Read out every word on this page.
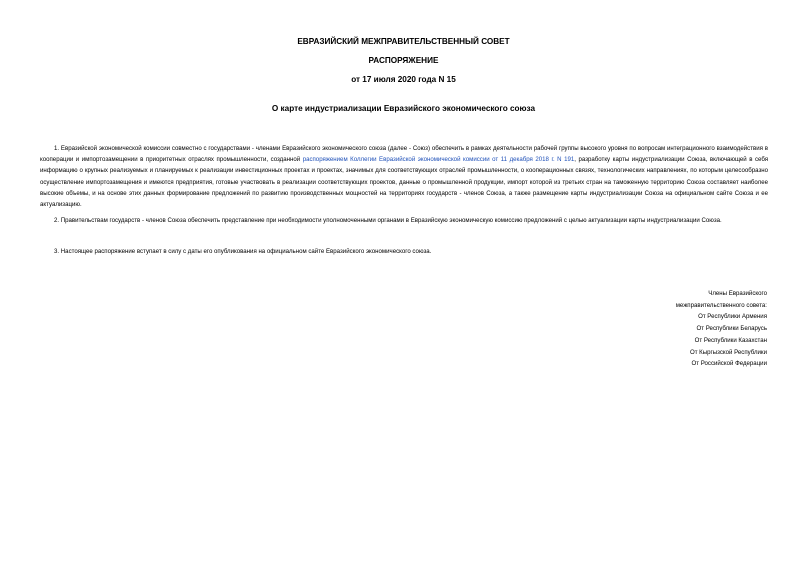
ЕВРАЗИЙСКИЙ МЕЖПРАВИТЕЛЬСТВЕННЫЙ СОВЕТ
РАСПОРЯЖЕНИЕ
от 17 июля 2020 года N 15
О карте индустриализации Евразийского экономического союза

1. Евразийской экономической комиссии совместно с государствами - членами Евразийского экономического союза (далее - Союз) обеспечить в рамках деятельности рабочей группы высокого уровня по вопросам интеграционного взаимодействия в кооперации и импортозамещении в приоритетных отраслях промышленности, созданной распоряжением Коллегии Евразийской экономической комиссии от 11 декабря 2018 г. N 191, разработку карты индустриализации Союза, включающей в себя информацию о крупных реализуемых и планируемых к реализации инвестиционных проектах и проектах, значимых для соответствующих отраслей промышленности, о кооперационных связях, технологических направлениях, по которым целесообразно осуществление импортозамещения и имеются предприятия, готовые участвовать в реализации соответствующих проектов, данные о промышленной продукции, импорт которой из третьих стран на таможенную территорию Союза составляет наиболее высокие объемы, и на основе этих данных формирование предложений по развитию производственных мощностей на территориях государств - членов Союза, а также размещение карты индустриализации Союза на официальном сайте Союза и ее актуализацию.

2. Правительствам государств - членов Союза обеспечить представление при необходимости уполномоченными органами в Евразийскую экономическую комиссию предложений с целью актуализации карты индустриализации Союза.

3. Настоящее распоряжение вступает в силу с даты его опубликования на официальном сайте Евразийского экономического союза.

Члены Евразийского
межправительственного совета:
От Республики Армения
От Республики Беларусь
От Республики Казахстан
От Кыргызской Республики
От Российской Федерации
